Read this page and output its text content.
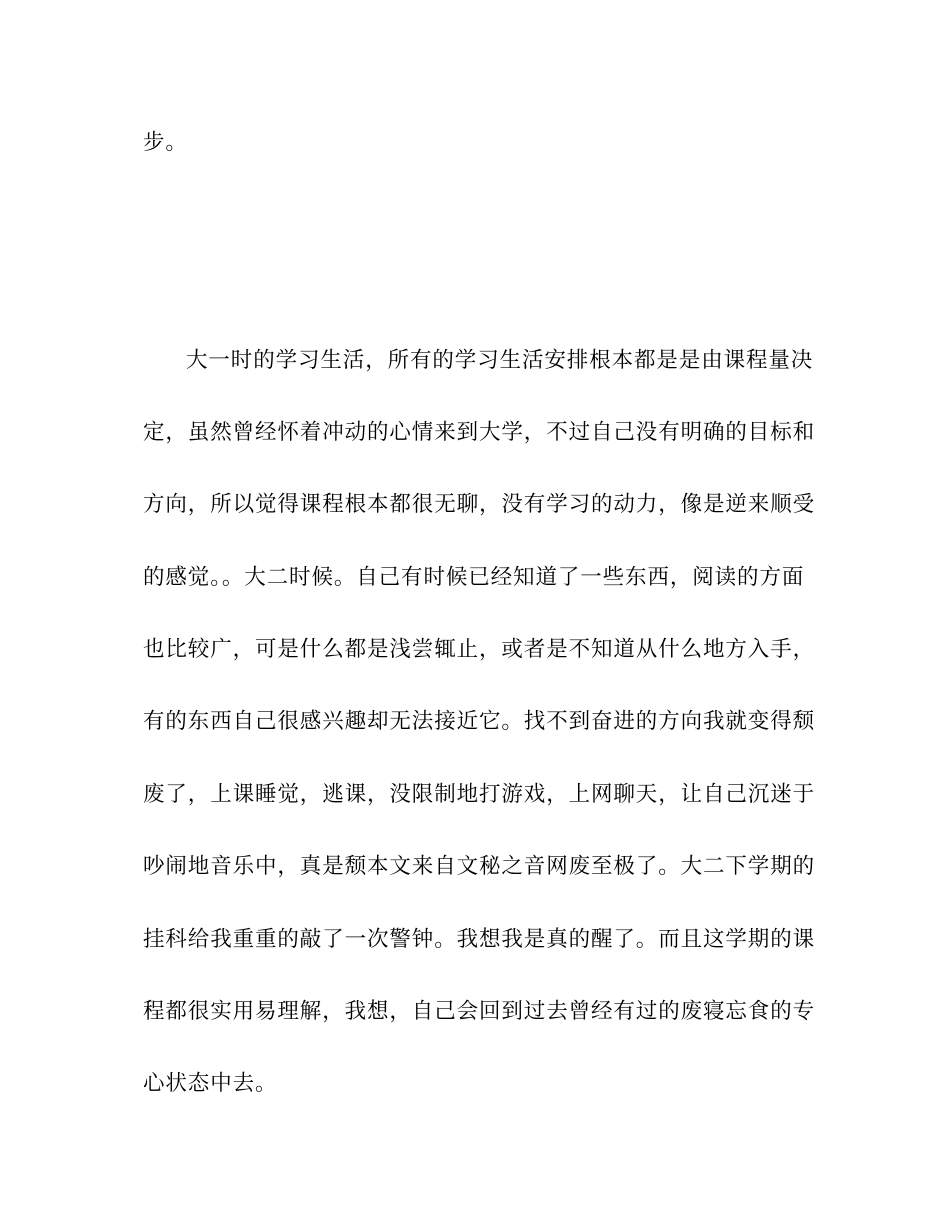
步。

大一时的学习生活，所有的学习生活安排根本都是是由课程量决

定，虽然曾经怀着冲动的心情来到大学，不过自己没有明确的目标和

方向，所以觉得课程根本都很无聊，没有学习的动力，像是逆来顺受

的感觉。。大二时候。自己有时候已经知道了一些东西，阅读的方面

也比较广，可是什么都是浅尝辄止，或者是不知道从什么地方入手，

有的东西自己很感兴趣却无法接近它。找不到奋进的方向我就变得颓

废了，上课睡觉，逃课，没限制地打游戏，上网聊天，让自己沉迷于

吵闹地音乐中，真是颓本文来自文秘之音网废至极了。大二下学期的

挂科给我重重的敲了一次警钟。我想我是真的醒了。而且这学期的课

程都很实用易理解，我想，自己会回到过去曾经有过的废寝忘食的专

心状态中去。
